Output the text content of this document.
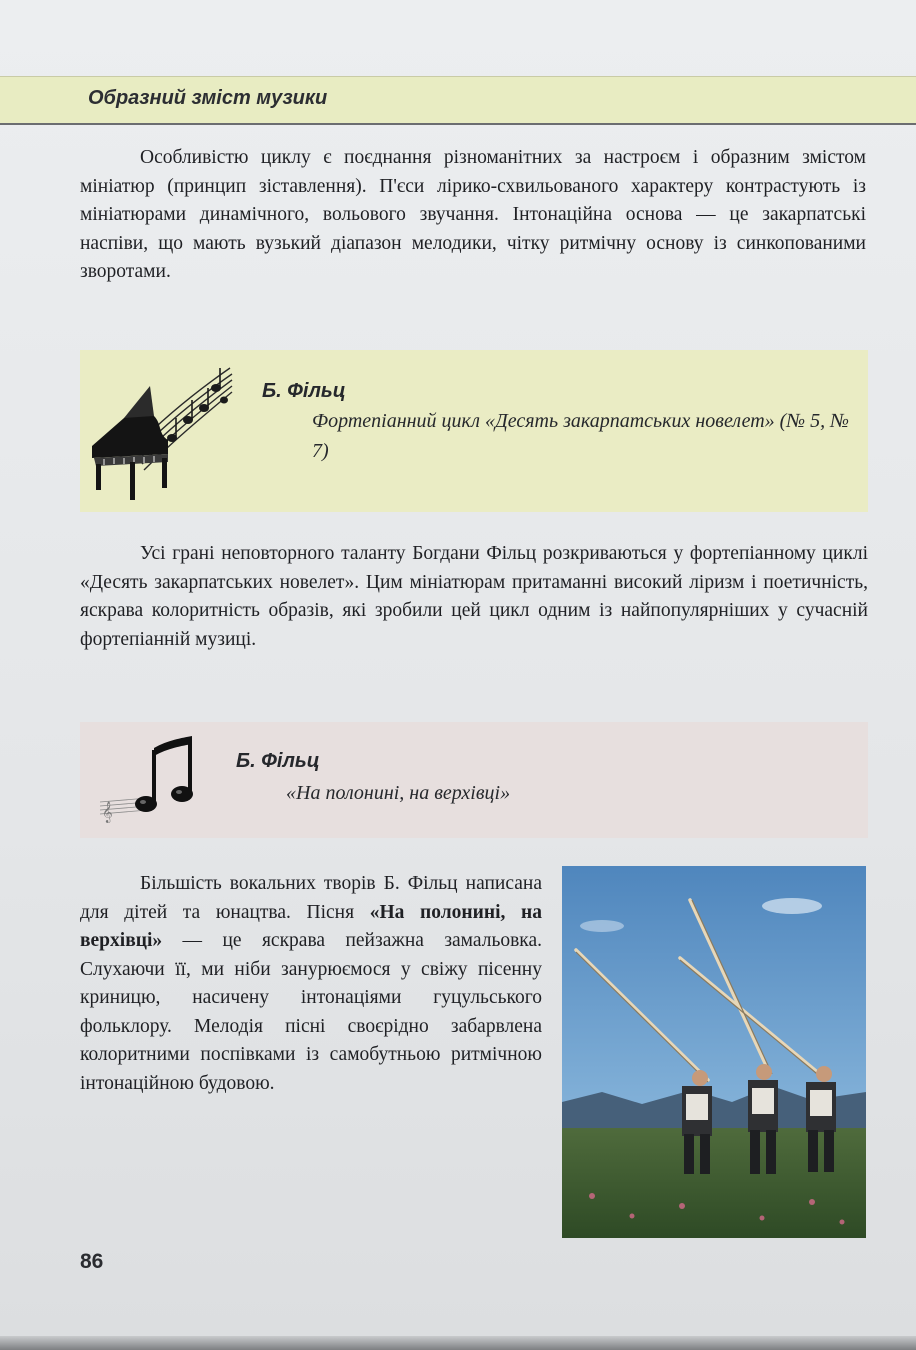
Образний зміст музики

Особливістю циклу є поєднання різноманітних за настроєм і образним змістом мініатюр (принцип зіставлення). П'єси лірико-схвильованого характеру контрастують із мініатюрами динамічного, вольового звучання. Інтонаційна основа — це закарпатські наспіви, що мають вузький діапазон мелодики, чітку ритмічну основу із синкопованими зворотами.

Б. Фільц
Фортепіанний цикл «Десять закарпатських новелет» (№ 5, № 7)

Усі грані неповторного таланту Богдани Фільц розкриваються у фортепіанному циклі «Десять закарпатських новелет». Цим мініатюрам притаманні високий ліризм і поетичність, яскрава колоритність образів, які зробили цей цикл одним із найпопулярніших у сучасній фортепіанній музиці.

𝄞
Б. Фільц
«На полонині, на верхівці»

Більшість вокальних творів Б. Фільц написана для дітей та юнацтва. Пісня «На полонині, на верхівці» — це яскрава пейзажна замальовка. Слухаючи її, ми ніби занурюємося у свіжу пісенну криницю, насичену інтонаціями гуцульського фольклору. Мелодія пісні своєрідно забарвлена колоритними поспівками із самобутньою ритмічною інтонаційною будовою.

86
